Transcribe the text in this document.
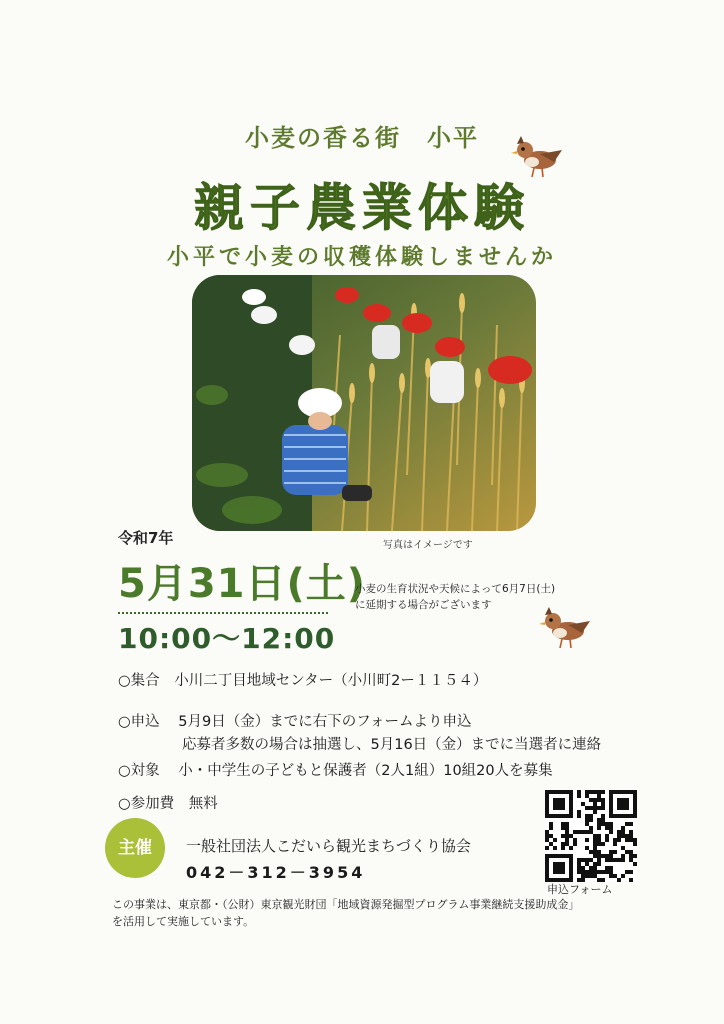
小麦の香る街　小平
親子農業体験
小平で小麦の収穫体験しませんか
写真はイメージです
令和7年
5月31日(土)
小麦の生育状況や天候によって6月7日(土)
に延期する場合がございます
10:00～12:00
○集合 小川二丁目地域センター（小川町2ー１１５４）
○申込 5月9日（金）までに右下のフォームより申込
応募者多数の場合は抽選し、5月16日（金）までに当選者に連絡
○対象 小・中学生の子どもと保護者（2人1組）10組20人を募集
○参加費 無料
主催	一般社団法人こだいら観光まちづくり協会
042－312－3954
申込フォーム
この事業は、東京都・（公財）東京観光財団「地域資源発掘型プログラム事業継続支援助成金」
を活用して実施しています。
